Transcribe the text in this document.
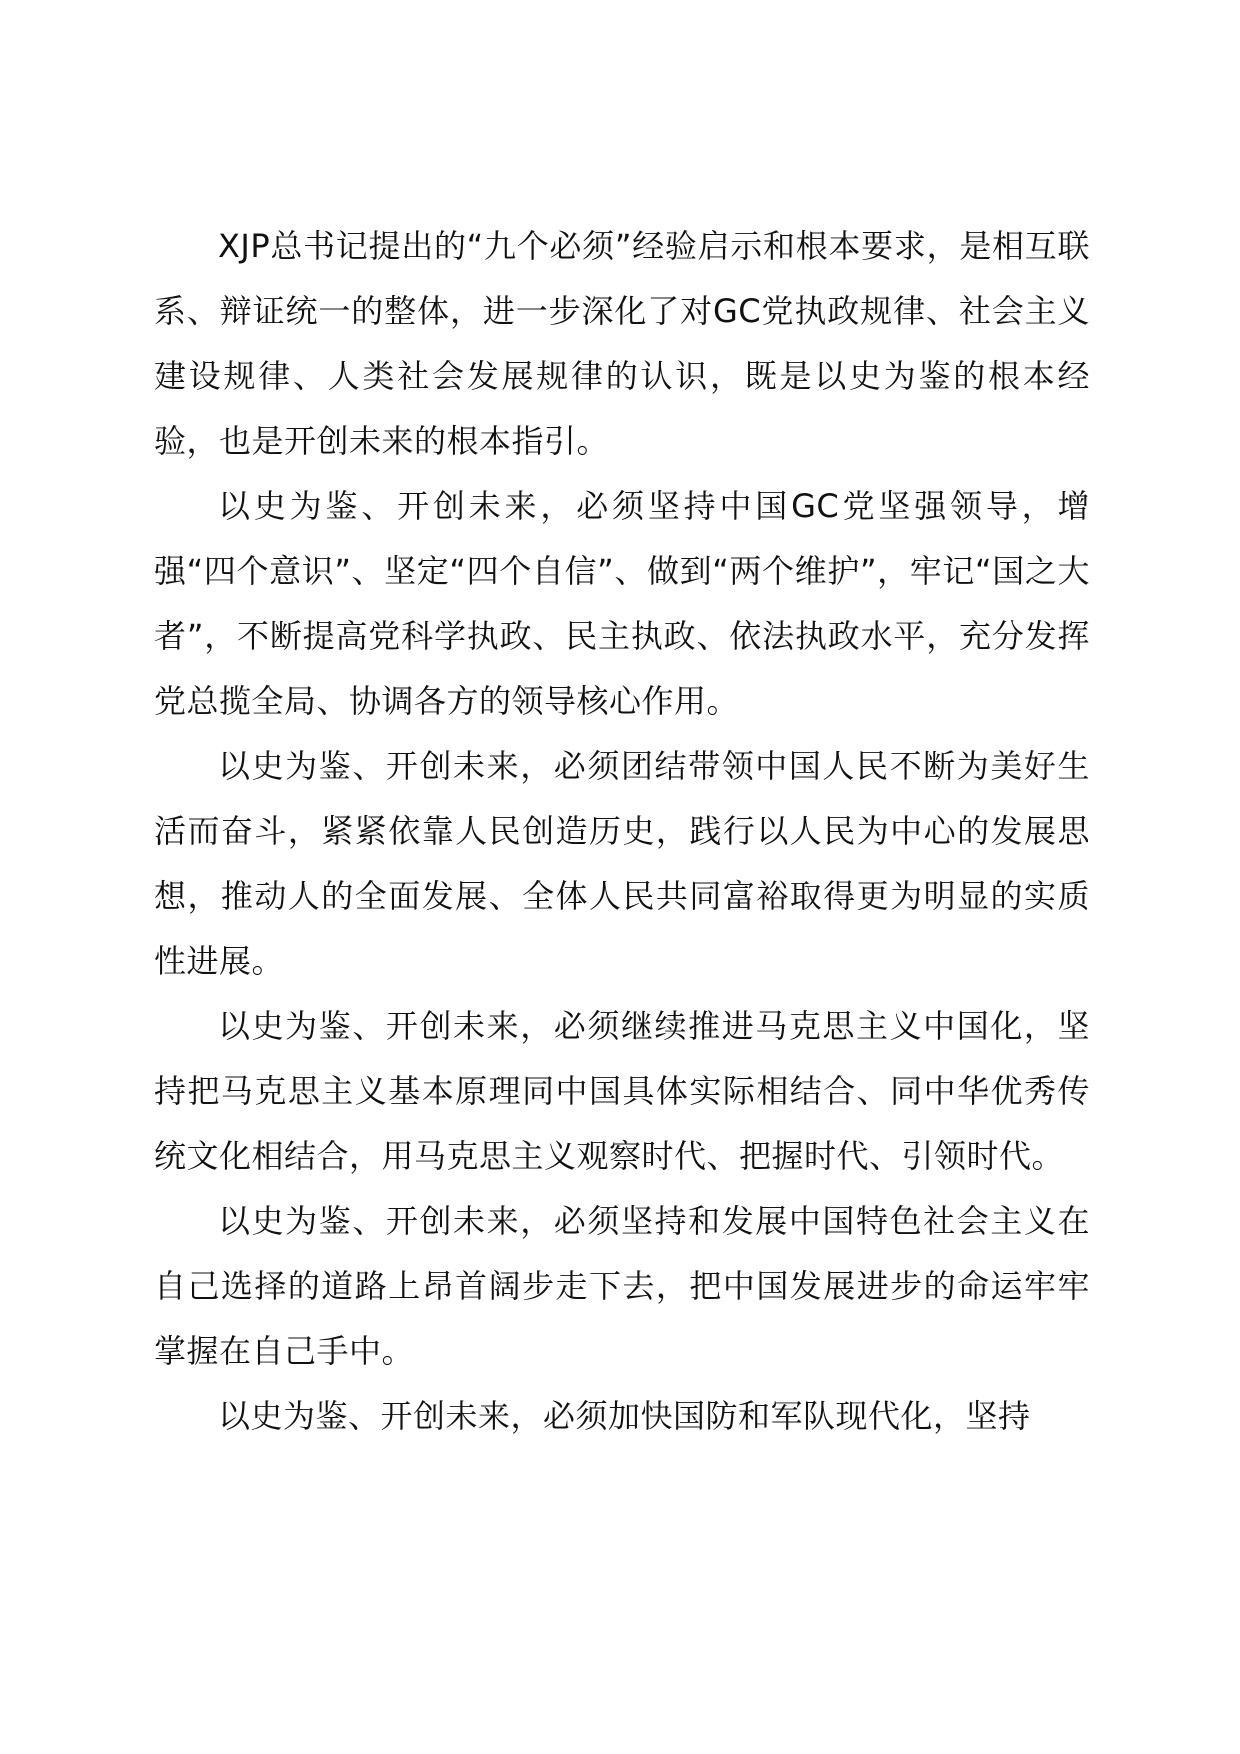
XJP总书记提出的“九个必须”经验启示和根本要求，是相互联系、辩证统一的整体，进一步深化了对GC党执政规律、社会主义建设规律、人类社会发展规律的认识，既是以史为鉴的根本经验，也是开创未来的根本指引。

以史为鉴、开创未来，必须坚持中国GC党坚强领导，增强“四个意识”、坚定“四个自信”、做到“两个维护”，牢记“国之大者”，不断提高党科学执政、民主执政、依法执政水平，充分发挥党总揽全局、协调各方的领导核心作用。

以史为鉴、开创未来，必须团结带领中国人民不断为美好生活而奋斗，紧紧依靠人民创造历史，践行以人民为中心的发展思想，推动人的全面发展、全体人民共同富裕取得更为明显的实质性进展。

以史为鉴、开创未来，必须继续推进马克思主义中国化，坚持把马克思主义基本原理同中国具体实际相结合、同中华优秀传统文化相结合，用马克思主义观察时代、把握时代、引领时代。

以史为鉴、开创未来，必须坚持和发展中国特色社会主义在自己选择的道路上昂首阔步走下去，把中国发展进步的命运牢牢掌握在自己手中。

以史为鉴、开创未来，必须加快国防和军队现代化，坚持
